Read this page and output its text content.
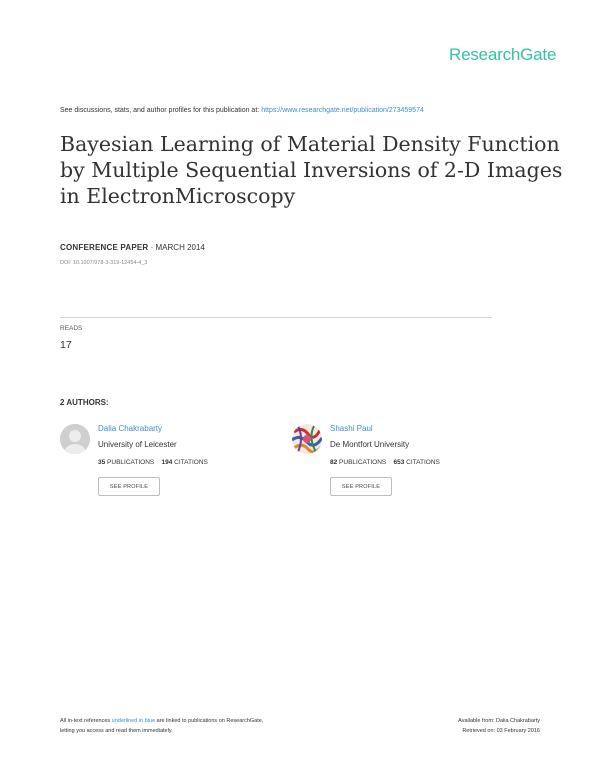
ResearchGate
See discussions, stats, and author profiles for this publication at: https://www.researchgate.net/publication/273459574
Bayesian Learning of Material Density Function
by Multiple Sequential Inversions of 2-D Images
in ElectronMicroscopy
CONFERENCE PAPER · MARCH 2014
DOI: 10.1007/978-3-319-12454-4_3
READS
17
2 AUTHORS:
Dalia Chakrabarty
University of Leicester
35 PUBLICATIONS 194 CITATIONS
SEE PROFILE
Shashi Paul
De Montfort University
82 PUBLICATIONS 653 CITATIONS
SEE PROFILE
All in-text references underlined in blue are linked to publications on ResearchGate,
letting you access and read them immediately.
Available from: Dalia Chakrabarty
Retrieved on: 03 February 2016
